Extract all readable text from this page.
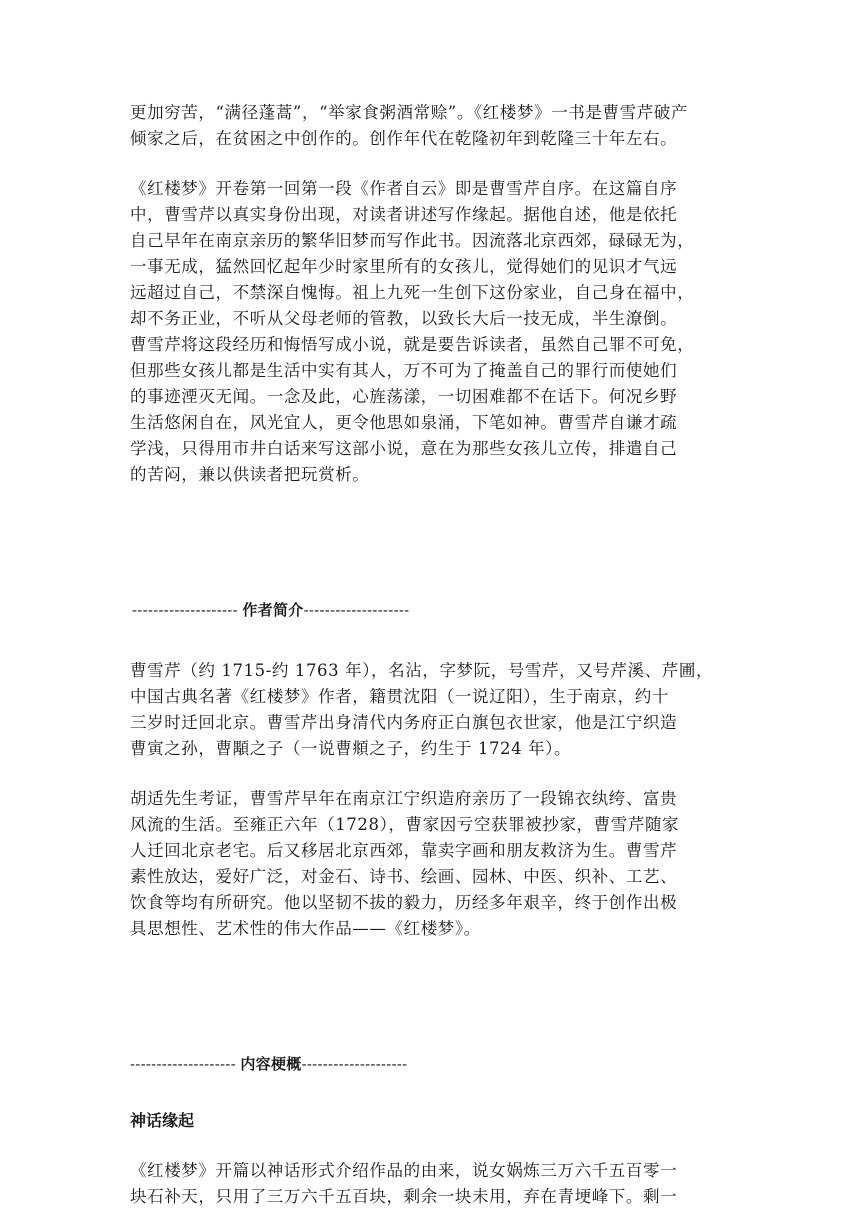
更加穷苦，“满径蓬蒿”，“举家食粥酒常赊”。《红楼梦》一书是曹雪芹破产
倾家之后，在贫困之中创作的。创作年代在乾隆初年到乾隆三十年左右。

《红楼梦》开卷第一回第一段《作者自云》即是曹雪芹自序。在这篇自序
中，曹雪芹以真实身份出现，对读者讲述写作缘起。据他自述，他是依托
自己早年在南京亲历的繁华旧梦而写作此书。因流落北京西郊，碌碌无为，
一事无成，猛然回忆起年少时家里所有的女孩儿，觉得她们的见识才气远
远超过自己，不禁深自愧悔。祖上九死一生创下这份家业，自己身在福中，
却不务正业，不听从父母老师的管教，以致长大后一技无成，半生潦倒。
曹雪芹将这段经历和悔悟写成小说，就是要告诉读者，虽然自己罪不可免，
但那些女孩儿都是生活中实有其人，万不可为了掩盖自己的罪行而使她们
的事迹湮灭无闻。一念及此，心旌荡漾，一切困难都不在话下。何况乡野
生活悠闲自在，风光宜人，更令他思如泉涌，下笔如神。曹雪芹自谦才疏
学浅，只得用市井白话来写这部小说，意在为那些女孩儿立传，排遣自己
的苦闷，兼以供读者把玩赏析。

-------------------- 作者简介--------------------

曹雪芹（约 1715-约 1763 年），名沾，字梦阮，号雪芹，又号芹溪、芹圃，
中国古典名著《红楼梦》作者，籍贯沈阳（一说辽阳），生于南京，约十
三岁时迁回北京。曹雪芹出身清代内务府正白旗包衣世家，他是江宁织造
曹寅之孙，曹顒之子（一说曹頫之子，约生于 1724 年）。

胡适先生考证，曹雪芹早年在南京江宁织造府亲历了一段锦衣纨绔、富贵
风流的生活。至雍正六年（1728），曹家因亏空获罪被抄家，曹雪芹随家
人迁回北京老宅。后又移居北京西郊，靠卖字画和朋友救济为生。曹雪芹
素性放达，爱好广泛，对金石、诗书、绘画、园林、中医、织补、工艺、
饮食等均有所研究。他以坚韧不拔的毅力，历经多年艰辛，终于创作出极
具思想性、艺术性的伟大作品——《红楼梦》。

-------------------- 内容梗概--------------------

神话缘起

《红楼梦》开篇以神话形式介绍作品的由来，说女娲炼三万六千五百零一
块石补天，只用了三万六千五百块，剩余一块未用，弃在青埂峰下。剩一
